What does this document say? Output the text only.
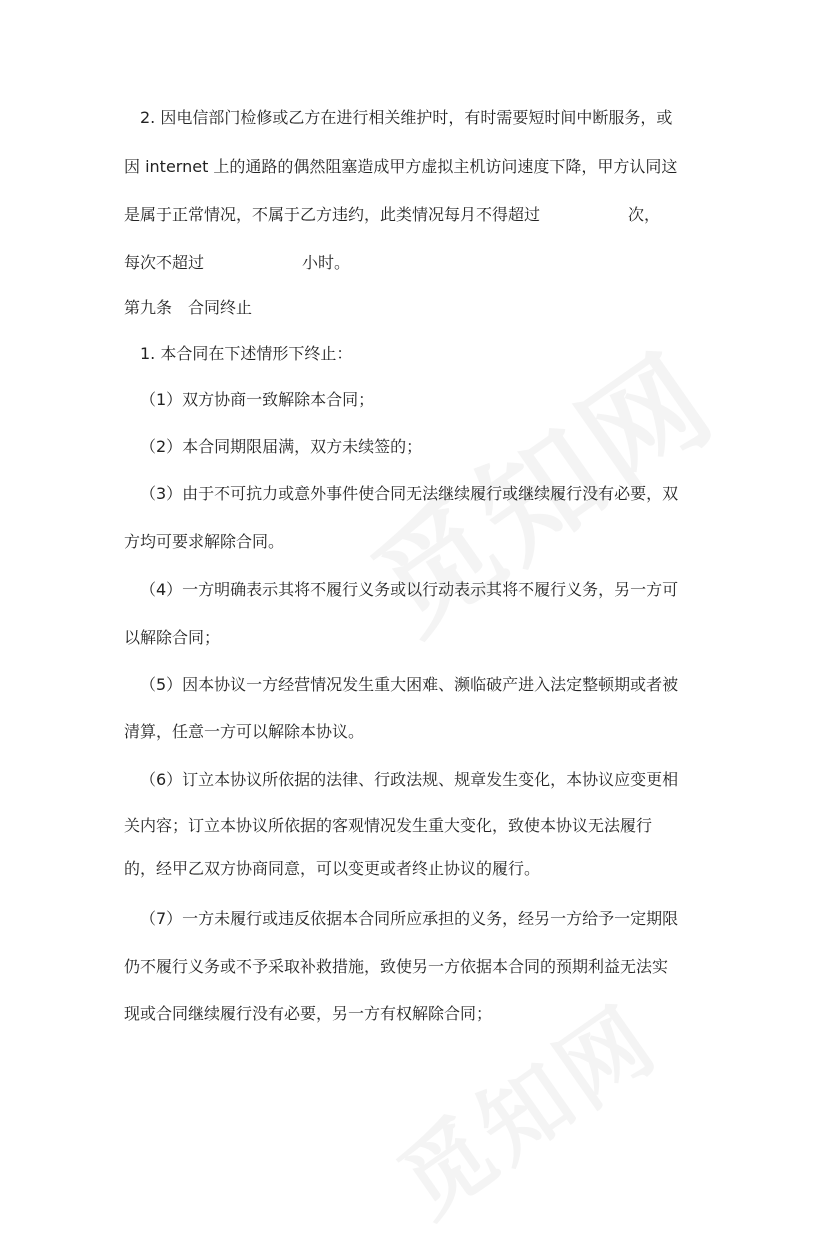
2. 因电信部门检修或乙方在进行相关维护时，有时需要短时间中断服务，或
因 internet 上的通路的偶然阻塞造成甲方虚拟主机访问速度下降，甲方认同这
是属于正常情况，不属于乙方违约，此类情况每月不得超过	次，
每次不超过	小时。
第九条　合同终止
1. 本合同在下述情形下终止：
（1）双方协商一致解除本合同；
（2）本合同期限届满，双方未续签的；
（3）由于不可抗力或意外事件使合同无法继续履行或继续履行没有必要，双
方均可要求解除合同。
（4）一方明确表示其将不履行义务或以行动表示其将不履行义务，另一方可
以解除合同；
（5）因本协议一方经营情况发生重大困难、濒临破产进入法定整顿期或者被
清算，任意一方可以解除本协议。
（6）订立本协议所依据的法律、行政法规、规章发生变化，本协议应变更相
关内容；订立本协议所依据的客观情况发生重大变化，致使本协议无法履行
的，经甲乙双方协商同意，可以变更或者终止协议的履行。
（7）一方未履行或违反依据本合同所应承担的义务，经另一方给予一定期限
仍不履行义务或不予采取补救措施，致使另一方依据本合同的预期利益无法实
现或合同继续履行没有必要，另一方有权解除合同；
